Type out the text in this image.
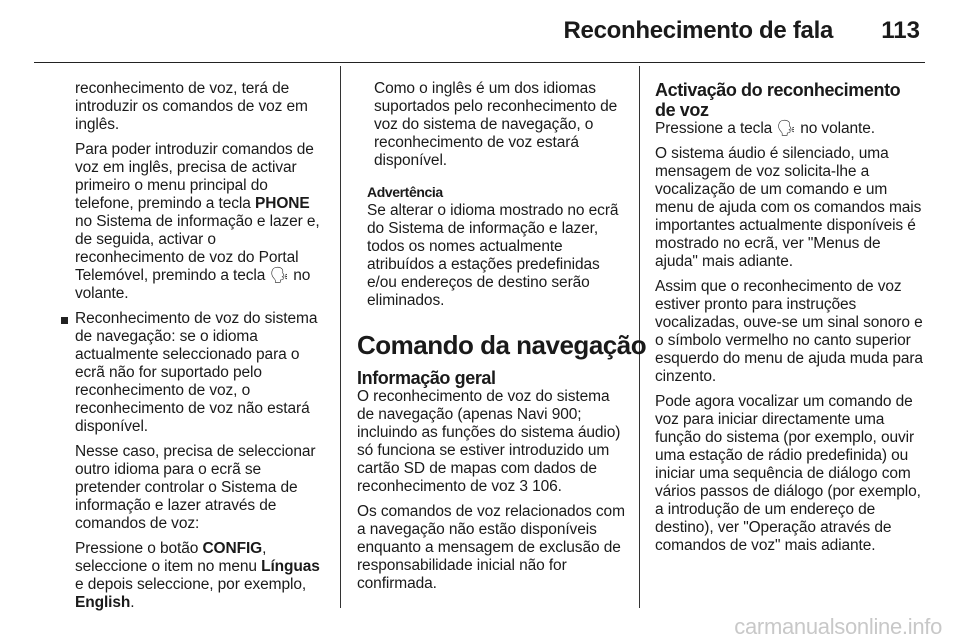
Reconhecimento de fala 113

reconhecimento de voz, terá de introduzir os comandos de voz em inglês.

Para poder introduzir comandos de voz em inglês, precisa de activar primeiro o menu principal do telefone, premindo a tecla PHONE no Sistema de informação e lazer e, de seguida, activar o reconhecimento de voz do Portal Telemóvel, premindo a tecla 🗣 no volante.

Reconhecimento de voz do sistema de navegação: se o idioma actualmente seleccionado para o ecrã não for suportado pelo reconhecimento de voz, o reconhecimento de voz não estará disponível.

Nesse caso, precisa de seleccionar outro idioma para o ecrã se pretender controlar o Sistema de informação e lazer através de comandos de voz:

Pressione o botão CONFIG, seleccione o item no menu Línguas e depois seleccione, por exemplo, English.

Como o inglês é um dos idiomas suportados pelo reconhecimento de voz do sistema de navegação, o reconhecimento de voz estará disponível.

Advertência
Se alterar o idioma mostrado no ecrã do Sistema de informação e lazer, todos os nomes actualmente atribuídos a estações predefinidas e/ou endereços de destino serão eliminados.
Comando da navegação
Informação geral

O reconhecimento de voz do sistema de navegação (apenas Navi 900; incluindo as funções do sistema áudio) só funciona se estiver introduzido um cartão SD de mapas com dados de reconhecimento de voz 3 106.

Os comandos de voz relacionados com a navegação não estão disponíveis enquanto a mensagem de exclusão de responsabilidade inicial não for confirmada.

Activação do reconhecimento de voz

Pressione a tecla 🗣 no volante.

O sistema áudio é silenciado, uma mensagem de voz solicita-lhe a vocalização de um comando e um menu de ajuda com os comandos mais importantes actualmente disponíveis é mostrado no ecrã, ver "Menus de ajuda" mais adiante.

Assim que o reconhecimento de voz estiver pronto para instruções vocalizadas, ouve-se um sinal sonoro e o símbolo vermelho no canto superior esquerdo do menu de ajuda muda para cinzento.

Pode agora vocalizar um comando de voz para iniciar directamente uma função do sistema (por exemplo, ouvir uma estação de rádio predefinida) ou iniciar uma sequência de diálogo com vários passos de diálogo (por exemplo, a introdução de um endereço de destino), ver "Operação através de comandos de voz" mais adiante.

carmanualsonline.info
